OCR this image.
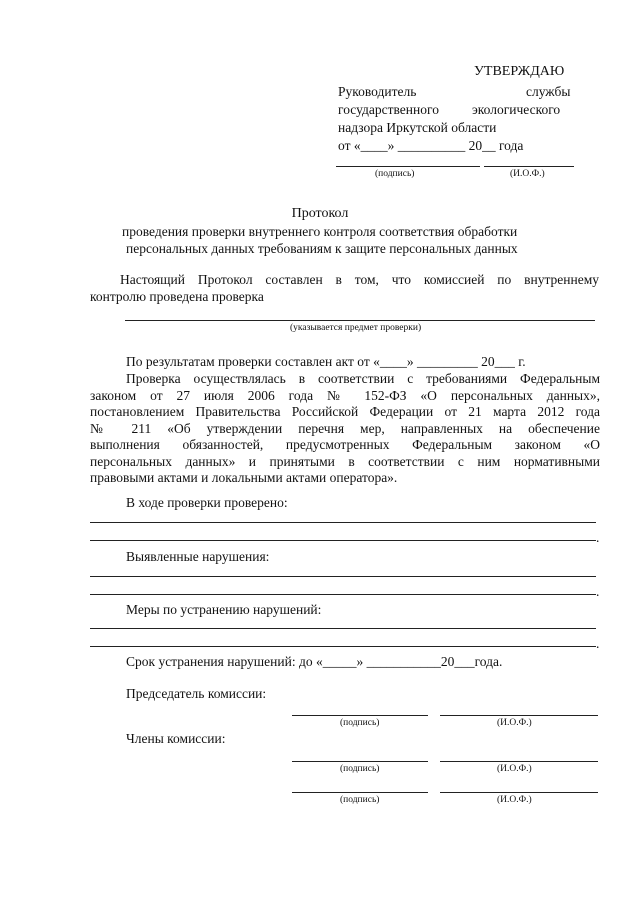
УТВЕРЖДАЮ
Руководитель	службы
государственного экологического
надзора Иркутской области
от «____» __________ 20__ года
(подпись)	(И.О.Ф.)
Протокол
проведения проверки внутреннего контроля соответствия обработки
персональных данных требованиям к защите персональных данных
Настоящий Протокол составлен в том, что комиссией по внутреннему
контролю проведена проверка
(указывается предмет проверки)
По результатам проверки составлен акт от «____» _________ 20___ г.
Проверка осуществлялась в соответствии с требованиями Федеральным
законом от 27 июля 2006 года № 152-ФЗ «О персональных данных»,
постановлением Правительства Российской Федерации от 21 марта 2012 года
№ 211 «Об утверждении перечня мер, направленных на обеспечение
выполнения обязанностей, предусмотренных Федеральным законом «О
персональных данных» и принятыми в соответствии с ним нормативными
правовыми актами и локальными актами оператора».
В ходе проверки проверено:
.
Выявленные нарушения:
.
Меры по устранению нарушений:
.
Срок устранения нарушений: до «_____» ___________20___года.
Председатель комиссии:
(подпись)	(И.О.Ф.)
Члены комиссии:
(подпись)	(И.О.Ф.)
(подпись)	(И.О.Ф.)
